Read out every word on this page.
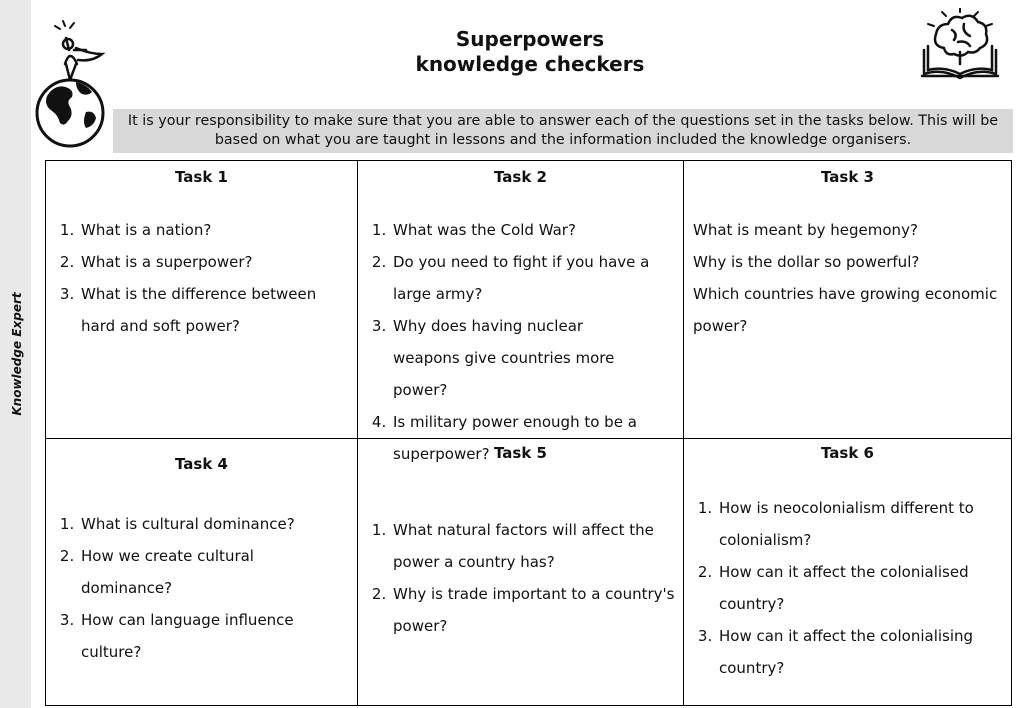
Knowledge Expert
Superpowers
knowledge checkers
It is your responsibility to make sure that you are able to answer each of the questions set in the tasks below. This will be based on what you are taught in lessons and the information included the knowledge organisers.
Task 1
1. What is a nation?
2. What is a superpower?
3. What is the difference between hard and soft power?
Task 2
1. What was the Cold War?
2. Do you need to fight if you have a large army?
3. Why does having nuclear weapons give countries more power?
4. Is military power enough to be a superpower?
Task 3
What is meant by hegemony?
Why is the dollar so powerful?
Which countries have growing economic power?
Task 4
1. What is cultural dominance?
2. How we create cultural dominance?
3. How can language influence culture?
Task 5
1. What natural factors will affect the power a country has?
2. Why is trade important to a country's power?
Task 6
1. How is neocolonialism different to colonialism?
2. How can it affect the colonialised country?
3. How can it affect the colonialising country?
